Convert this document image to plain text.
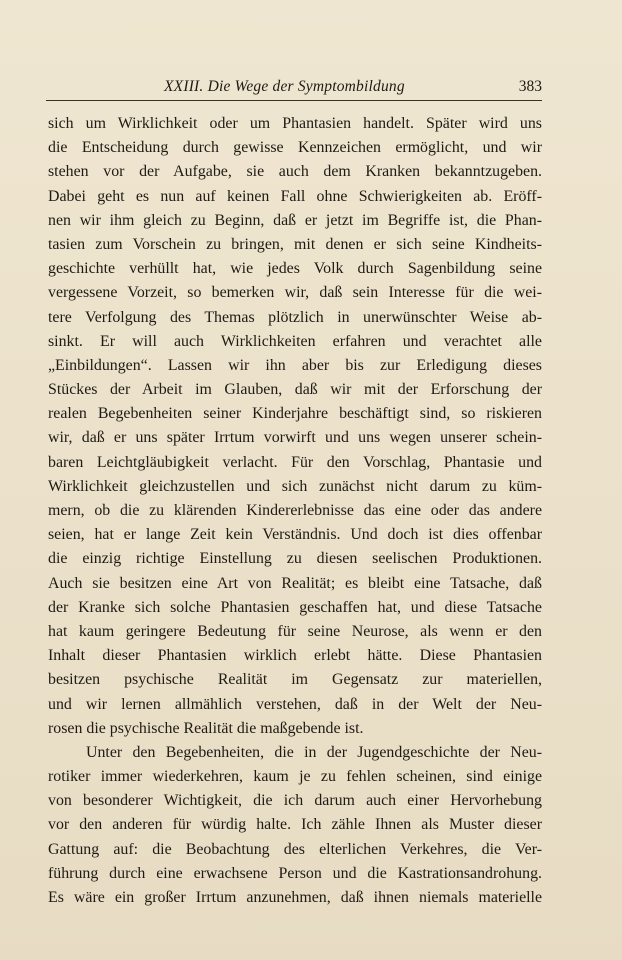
XXIII. Die Wege der Symptombildung	383
sich um Wirklichkeit oder um Phantasien handelt. Später wird uns
die Entscheidung durch gewisse Kennzeichen ermöglicht, und wir
stehen vor der Aufgabe, sie auch dem Kranken bekanntzugeben.
Dabei geht es nun auf keinen Fall ohne Schwierigkeiten ab. Eröff-
nen wir ihm gleich zu Beginn, daß er jetzt im Begriffe ist, die Phan-
tasien zum Vorschein zu bringen, mit denen er sich seine Kindheits-
geschichte verhüllt hat, wie jedes Volk durch Sagenbildung seine
vergessene Vorzeit, so bemerken wir, daß sein Interesse für die wei-
tere Verfolgung des Themas plötzlich in unerwünschter Weise ab-
sinkt. Er will auch Wirklichkeiten erfahren und verachtet alle
„Einbildungen“. Lassen wir ihn aber bis zur Erledigung dieses
Stückes der Arbeit im Glauben, daß wir mit der Erforschung der
realen Begebenheiten seiner Kinderjahre beschäftigt sind, so riskieren
wir, daß er uns später Irrtum vorwirft und uns wegen unserer schein-
baren Leichtgläubigkeit verlacht. Für den Vorschlag, Phantasie und
Wirklichkeit gleichzustellen und sich zunächst nicht darum zu küm-
mern, ob die zu klärenden Kindererlebnisse das eine oder das andere
seien, hat er lange Zeit kein Verständnis. Und doch ist dies offenbar
die einzig richtige Einstellung zu diesen seelischen Produktionen.
Auch sie besitzen eine Art von Realität; es bleibt eine Tatsache, daß
der Kranke sich solche Phantasien geschaffen hat, und diese Tatsache
hat kaum geringere Bedeutung für seine Neurose, als wenn er den
Inhalt dieser Phantasien wirklich erlebt hätte. Diese Phantasien
besitzen psychische Realität im Gegensatz zur materiellen,
und wir lernen allmählich verstehen, daß in der Welt der Neu-
rosen die psychische Realität die maßgebende ist.
Unter den Begebenheiten, die in der Jugendgeschichte der Neu-
rotiker immer wiederkehren, kaum je zu fehlen scheinen, sind einige
von besonderer Wichtigkeit, die ich darum auch einer Hervorhebung
vor den anderen für würdig halte. Ich zähle Ihnen als Muster dieser
Gattung auf: die Beobachtung des elterlichen Verkehres, die Ver-
führung durch eine erwachsene Person und die Kastrationsandrohung.
Es wäre ein großer Irrtum anzunehmen, daß ihnen niemals materielle
